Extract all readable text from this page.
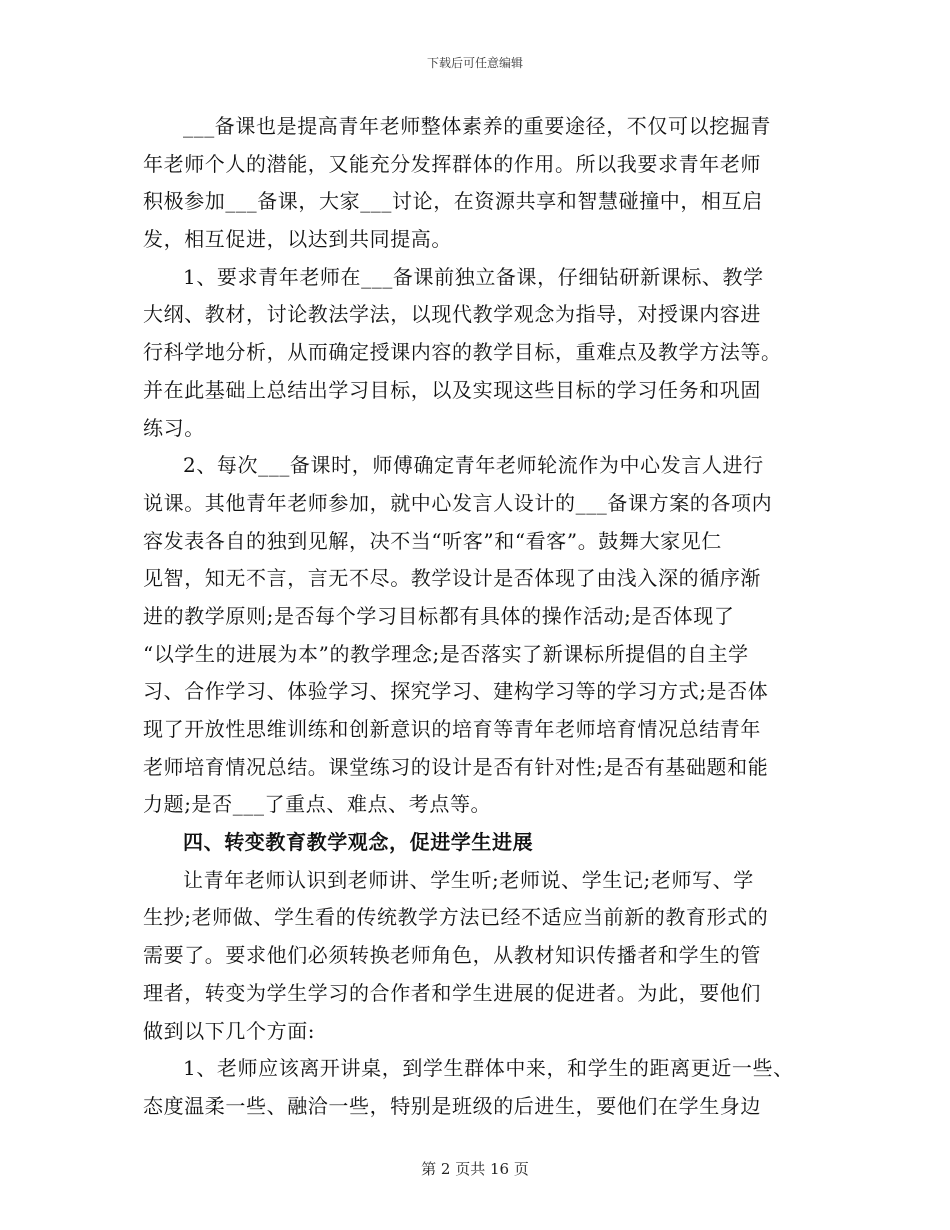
下载后可任意编辑
___备课也是提高青年老师整体素养的重要途径，不仅可以挖掘青
年老师个人的潜能，又能充分发挥群体的作用。所以我要求青年老师
积极参加___备课，大家___讨论，在资源共享和智慧碰撞中，相互启
发，相互促进，以达到共同提高。
1、要求青年老师在___备课前独立备课，仔细钻研新课标、教学
大纲、教材，讨论教法学法，以现代教学观念为指导，对授课内容进
行科学地分析，从而确定授课内容的教学目标，重难点及教学方法等。
并在此基础上总结出学习目标，以及实现这些目标的学习任务和巩固
练习。
2、每次___备课时，师傅确定青年老师轮流作为中心发言人进行
说课。其他青年老师参加，就中心发言人设计的___备课方案的各项内
容发表各自的独到见解，决不当“听客”和“看客”。鼓舞大家见仁
见智，知无不言，言无不尽。教学设计是否体现了由浅入深的循序渐
进的教学原则;是否每个学习目标都有具体的操作活动;是否体现了
“以学生的进展为本”的教学理念;是否落实了新课标所提倡的自主学
习、合作学习、体验学习、探究学习、建构学习等的学习方式;是否体
现了开放性思维训练和创新意识的培育等青年老师培育情况总结青年
老师培育情况总结。课堂练习的设计是否有针对性;是否有基础题和能
力题;是否___了重点、难点、考点等。
四、转变教育教学观念，促进学生进展
让青年老师认识到老师讲、学生听;老师说、学生记;老师写、学
生抄;老师做、学生看的传统教学方法已经不适应当前新的教育形式的
需要了。要求他们必须转换老师角色，从教材知识传播者和学生的管
理者，转变为学生学习的合作者和学生进展的促进者。为此，要他们
做到以下几个方面:
1、老师应该离开讲桌，到学生群体中来，和学生的距离更近一些、
态度温柔一些、融洽一些，特别是班级的后进生，要他们在学生身边
第 2 页共 16 页
